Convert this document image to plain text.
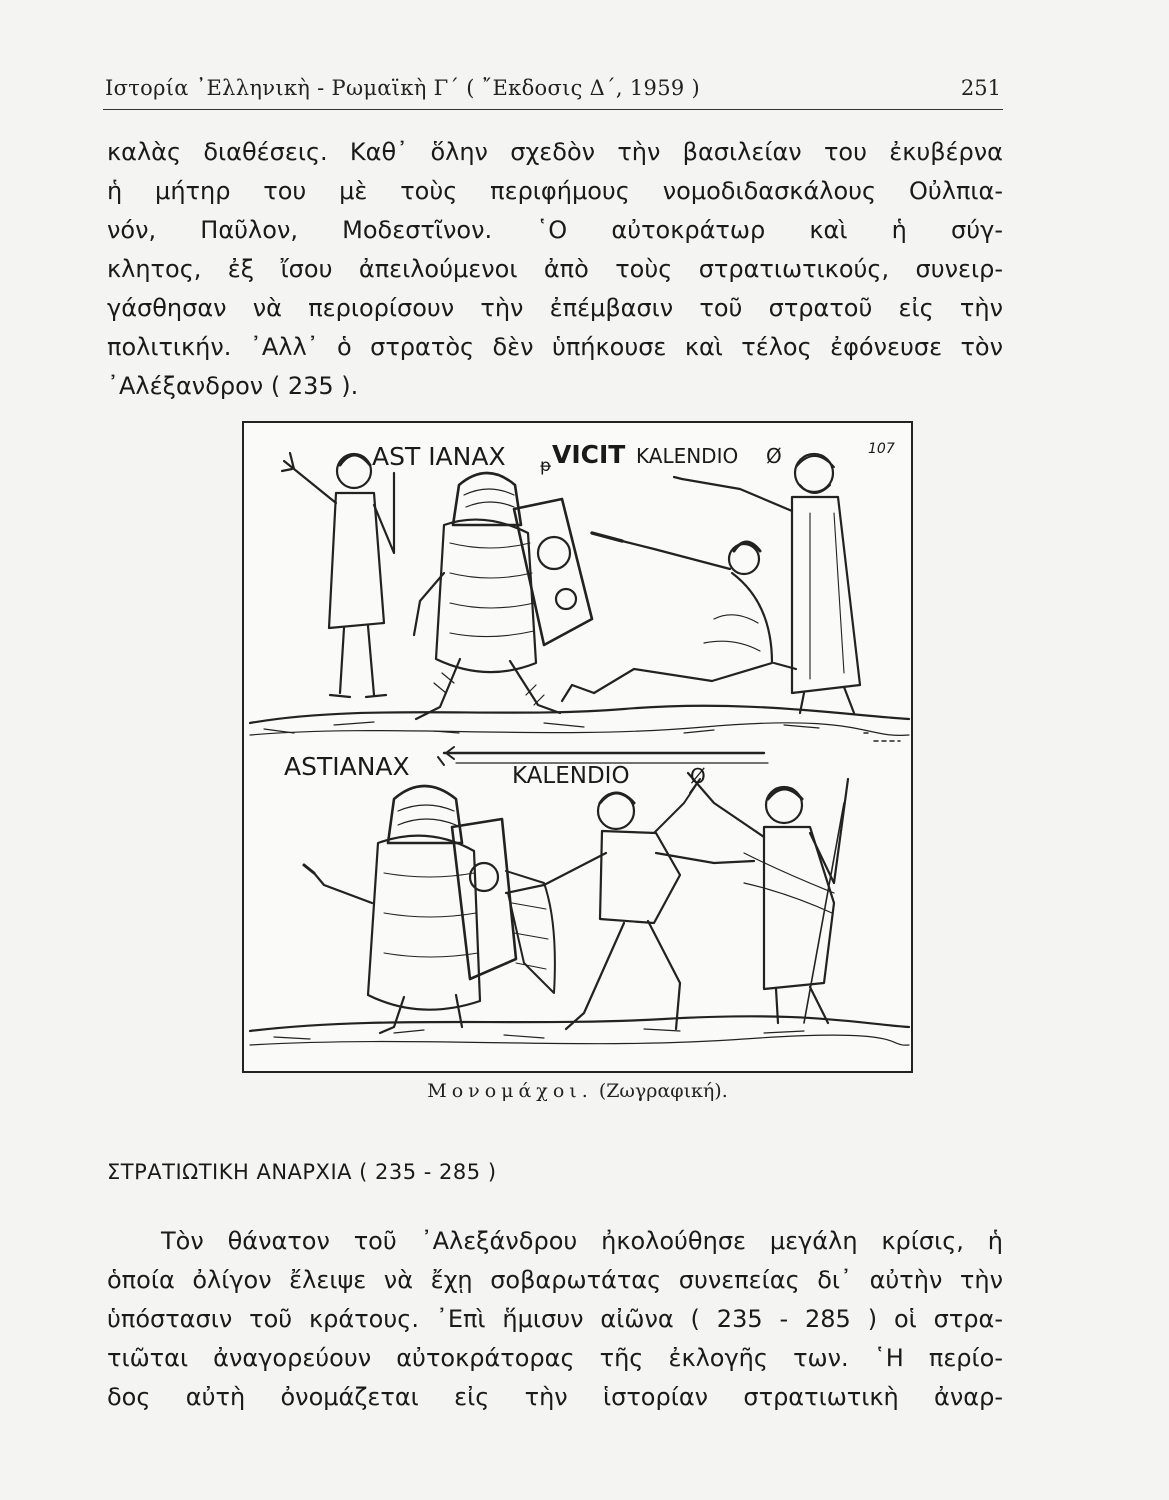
Ιστορία ᾿Ελληνικὴ - Ρωμαϊκὴ Γ΄ ( ῎Εκδοσις Δ΄, 1959 )	251
καλὰς διαθέσεις. Καθ᾿ ὅλην σχεδὸν τὴν βασιλείαν του ἐκυβέρνα
ἡ μήτηρ του μὲ τοὺς περιφήμους νομοδιδασκάλους Οὐλπια-
νόν, Παῦλον, Μοδεστῖνον. ῾Ο αὐτοκράτωρ καὶ ἡ σύγ-
κλητος, ἐξ ἴσου ἀπειλούμενοι ἀπὸ τοὺς στρατιωτικούς, συνειρ-
γάσθησαν νὰ περιορίσουν τὴν ἐπέμβασιν τοῦ στρατοῦ εἰς τὴν
πολιτικήν. ᾿Αλλ᾿ ὁ στρατὸς δὲν ὑπήκουσε καὶ τέλος ἐφόνευσε τὸν
᾿Αλέξανδρον ( 235 ).
AST IANAX ᵽ VICIT KALENDIO Ø	107
ASTIANAX	KALENDIO	Ø
Μονομάχοι. (Ζωγραφική).
ΣΤΡΑΤΙΩΤΙΚΗ ΑΝΑΡΧΙΑ ( 235 - 285 )
Τὸν θάνατον τοῦ ᾿Αλεξάνδρου ἠκολούθησε μεγάλη κρίσις, ἡ
ὁποία ὀλίγον ἔλειψε νὰ ἔχῃ σοβαρωτάτας συνεπείας δι᾿ αὐτὴν τὴν
ὑπόστασιν τοῦ κράτους. ᾿Επὶ ἥμισυν αἰῶνα ( 235 - 285 ) οἱ στρα-
τιῶται ἀναγορεύουν αὐτοκράτορας τῆς ἐκλογῆς των. ῾Η περίο-
δος αὐτὴ ὀνομάζεται εἰς τὴν ἱστορίαν στρατιωτικὴ ἀναρ-
